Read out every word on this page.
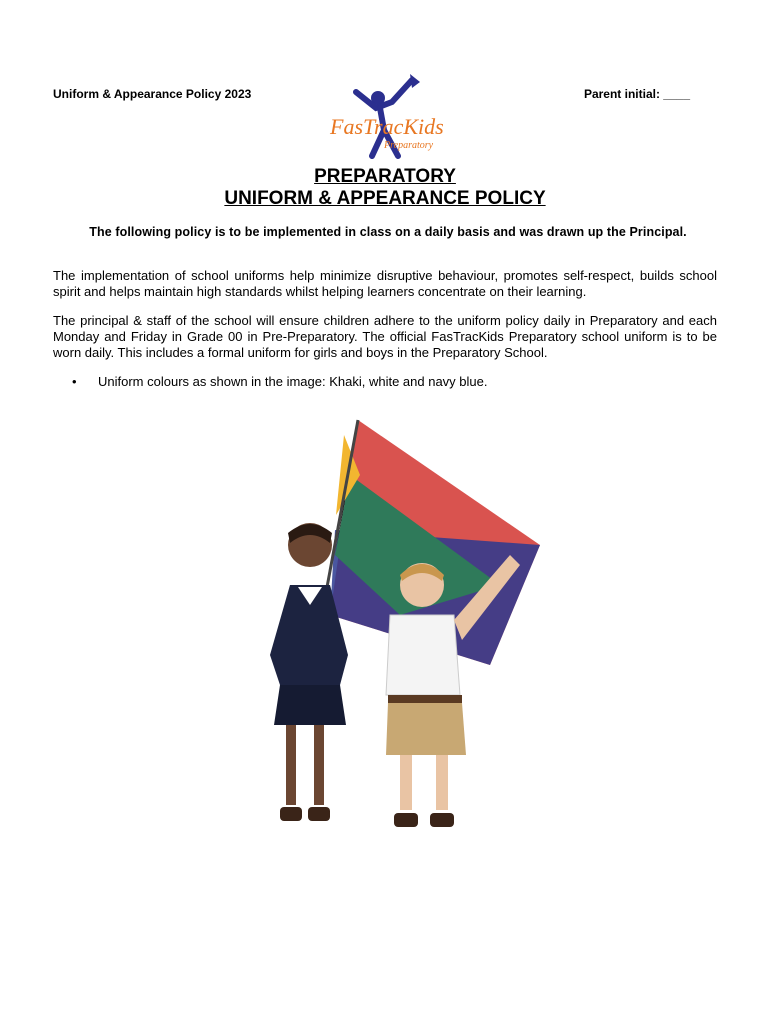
Uniform & Appearance Policy 2023	Parent initial: ____
FasTracKids
Preparatory
PREPARATORY
UNIFORM & APPEARANCE POLICY
The following policy is to be implemented in class on a daily basis and was drawn up the Principal.
The implementation of school uniforms help minimize disruptive behaviour, promotes self-respect, builds school spirit and helps maintain high standards whilst helping learners concentrate on their learning.
The principal & staff of the school will ensure children adhere to the uniform policy daily in Preparatory and each Monday and Friday in Grade 00 in Pre-Preparatory. The official FasTracKids Preparatory school uniform is to be worn daily. This includes a formal uniform for girls and boys in the Preparatory School.
• Uniform colours as shown in the image: Khaki, white and navy blue.
